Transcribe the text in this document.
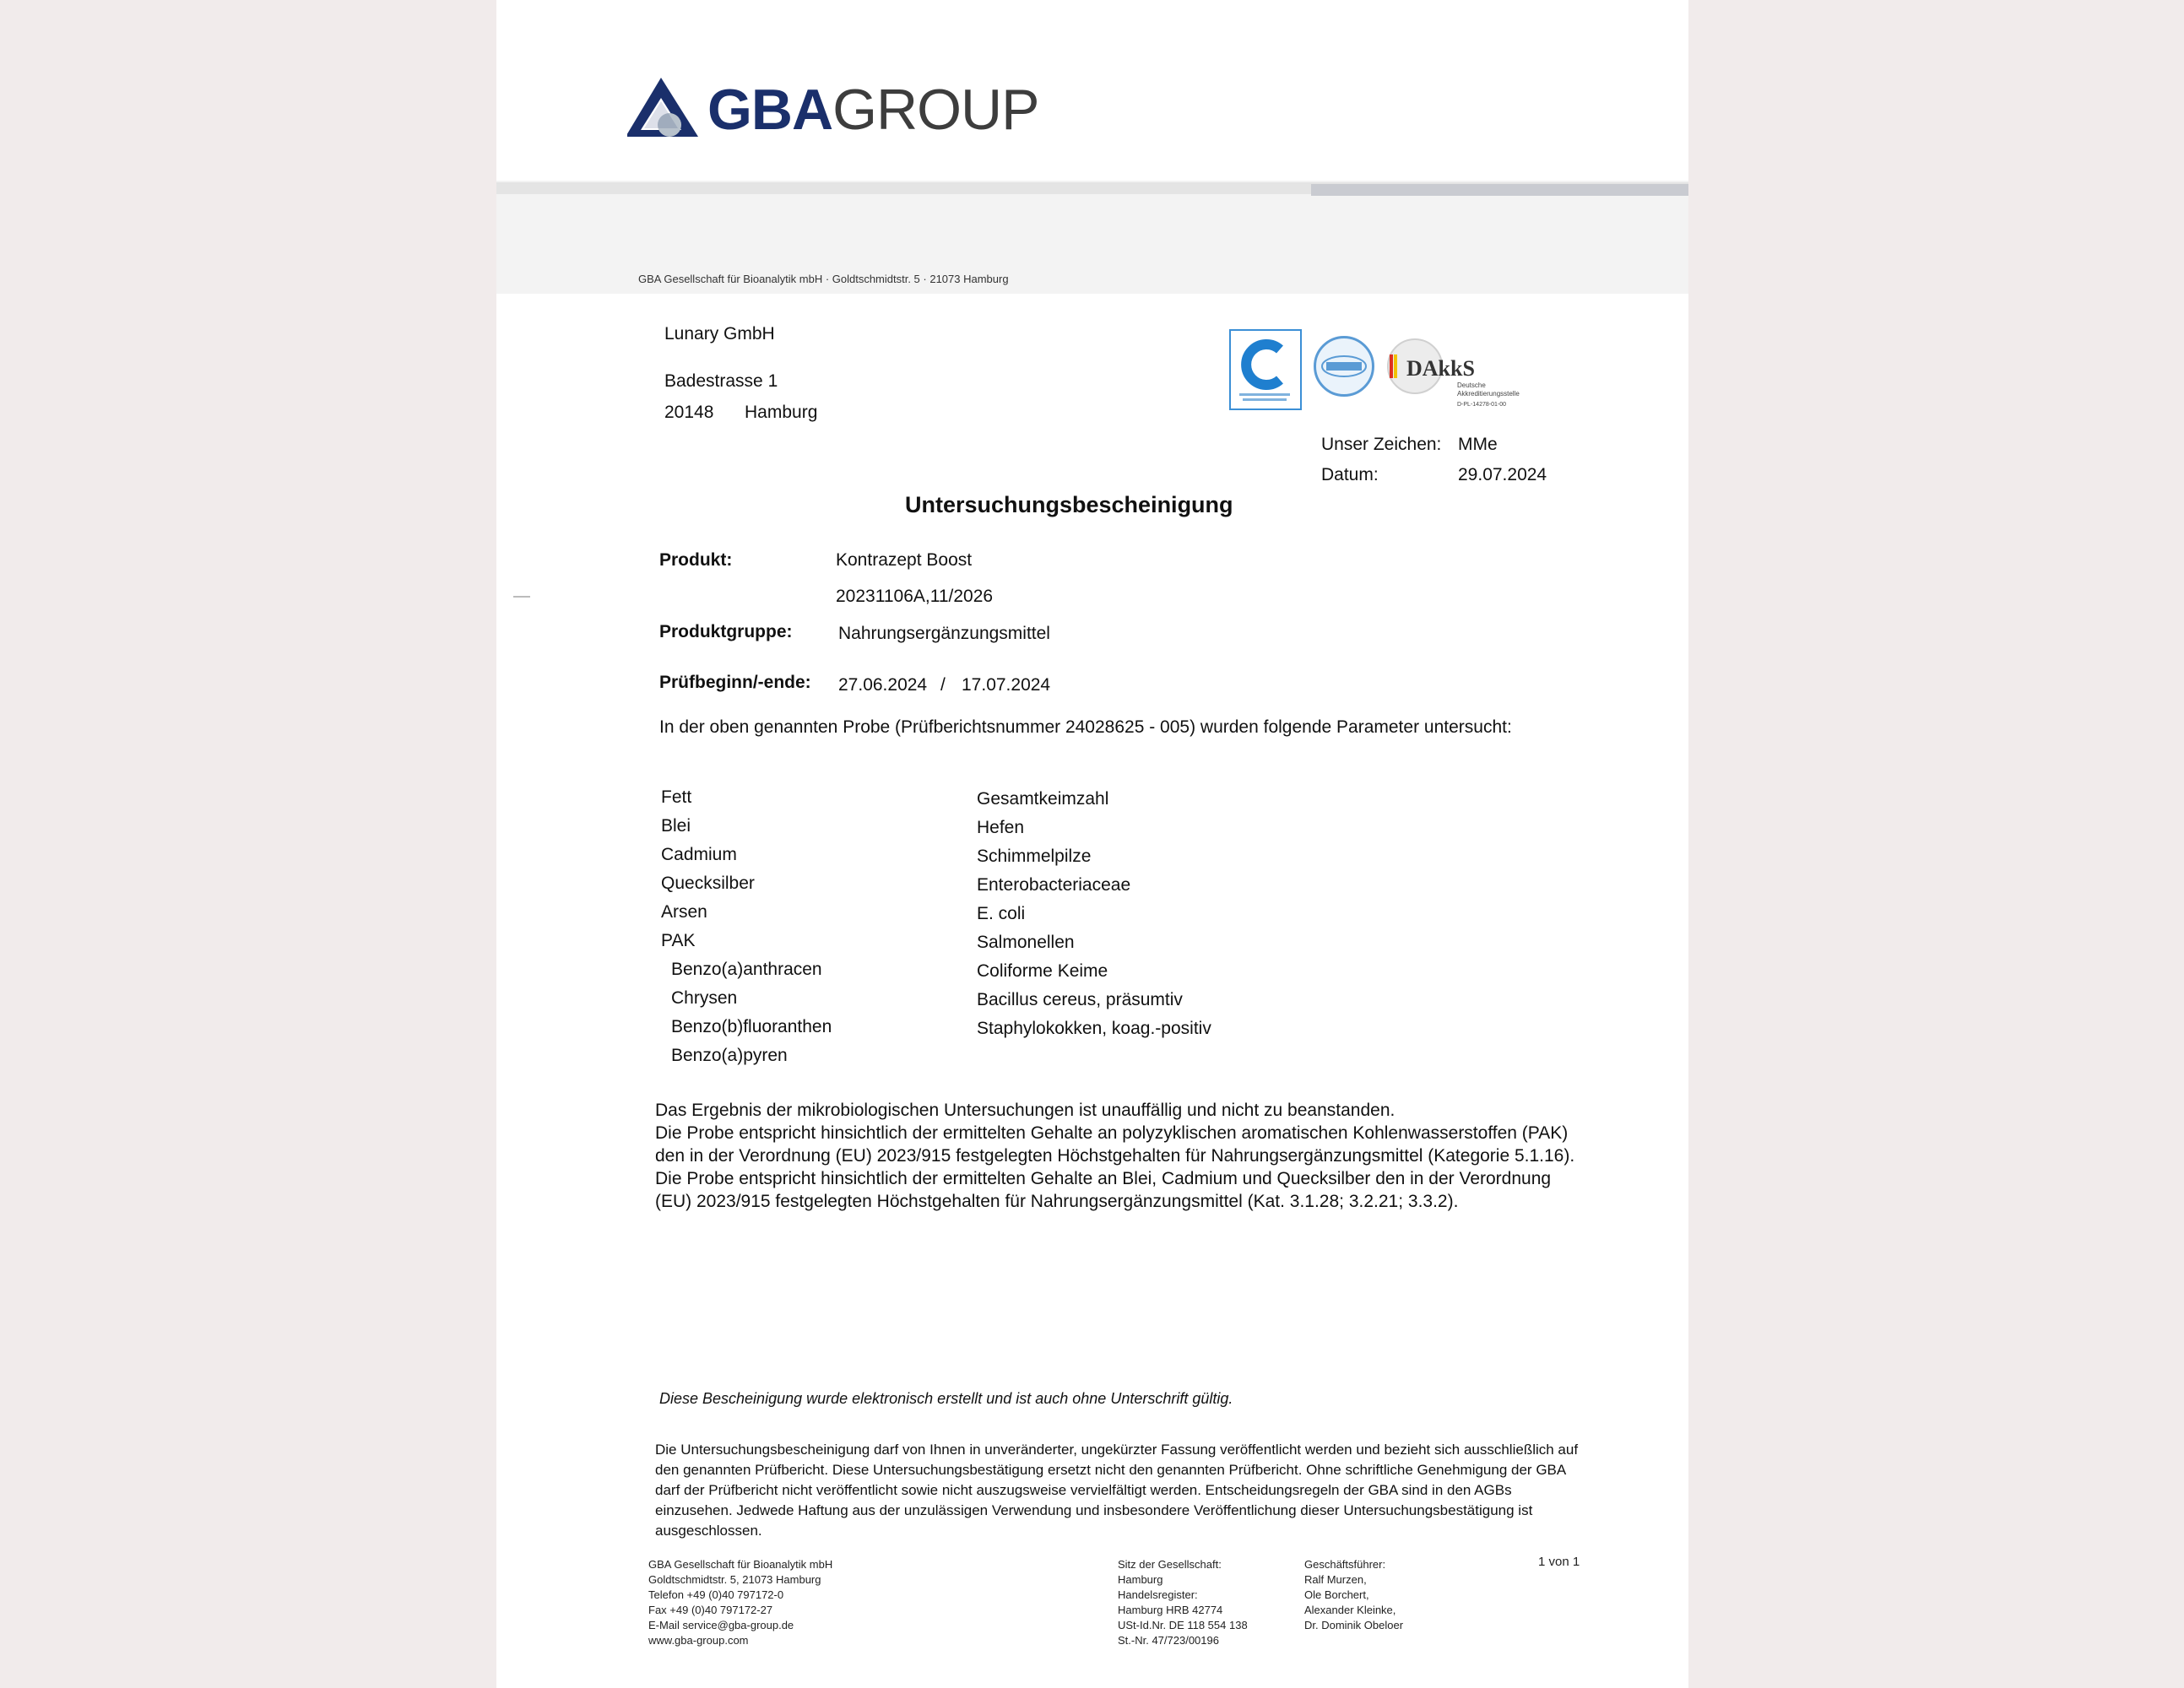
GBAGROUP
GBA Gesellschaft für Bioanalytik mbH · Goldtschmidtstr. 5 · 21073 Hamburg
Lunary GmbH
Badestrasse 1
20148 Hamburg
DAkkS
Deutsche Akkreditierungsstelle
D-PL-14278-01-00
Unser Zeichen: MMe
Datum:	29.07.2024
Untersuchungsbescheinigung
Produkt:	Kontrazept Boost
20231106A,11/2026
Produktgruppe:	Nahrungsergänzungsmittel
Prüfbeginn/-ende: 27.06.2024 / 17.07.2024
In der oben genannten Probe (Prüfberichtsnummer 24028625 - 005) wurden folgende Parameter untersucht:
Fett
Blei
Cadmium
Quecksilber
Arsen
PAK
Benzo(a)anthracen
Chrysen
Benzo(b)fluoranthen
Benzo(a)pyren
Gesamtkeimzahl
Hefen
Schimmelpilze
Enterobacteriaceae
E. coli
Salmonellen
Coliforme Keime
Bacillus cereus, präsumtiv
Staphylokokken, koag.-positiv
Das Ergebnis der mikrobiologischen Untersuchungen ist unauffällig und nicht zu beanstanden.
Die Probe entspricht hinsichtlich der ermittelten Gehalte an polyzyklischen aromatischen Kohlenwasserstoffen (PAK) den in der Verordnung (EU) 2023/915 festgelegten Höchstgehalten für Nahrungsergänzungsmittel (Kategorie 5.1.16).
Die Probe entspricht hinsichtlich der ermittelten Gehalte an Blei, Cadmium und Quecksilber den in der Verordnung (EU) 2023/915 festgelegten Höchstgehalten für Nahrungsergänzungsmittel (Kat. 3.1.28; 3.2.21; 3.3.2).
Diese Bescheinigung wurde elektronisch erstellt und ist auch ohne Unterschrift gültig.
Die Untersuchungsbescheinigung darf von Ihnen in unveränderter, ungekürzter Fassung veröffentlicht werden und bezieht sich ausschließlich auf den genannten Prüfbericht. Diese Untersuchungsbestätigung ersetzt nicht den genannten Prüfbericht. Ohne schriftliche Genehmigung der GBA darf der Prüfbericht nicht veröffentlicht sowie nicht auszugsweise vervielfältigt werden. Entscheidungsregeln der GBA sind in den AGBs einzusehen. Jedwede Haftung aus der unzulässigen Verwendung und insbesondere Veröffentlichung dieser Untersuchungsbestätigung ist ausgeschlossen.
GBA Gesellschaft für Bioanalytik mbH
Goldtschmidtstr. 5, 21073 Hamburg
Telefon +49 (0)40 797172-0
Fax +49 (0)40 797172-27
E-Mail service@gba-group.de
www.gba-group.com
Sitz der Gesellschaft:
Hamburg
Handelsregister:
Hamburg HRB 42774
USt-Id.Nr. DE 118 554 138
St.-Nr. 47/723/00196
Geschäftsführer:
Ralf Murzen,
Ole Borchert,
Alexander Kleinke,
Dr. Dominik Obeloer
1 von 1
